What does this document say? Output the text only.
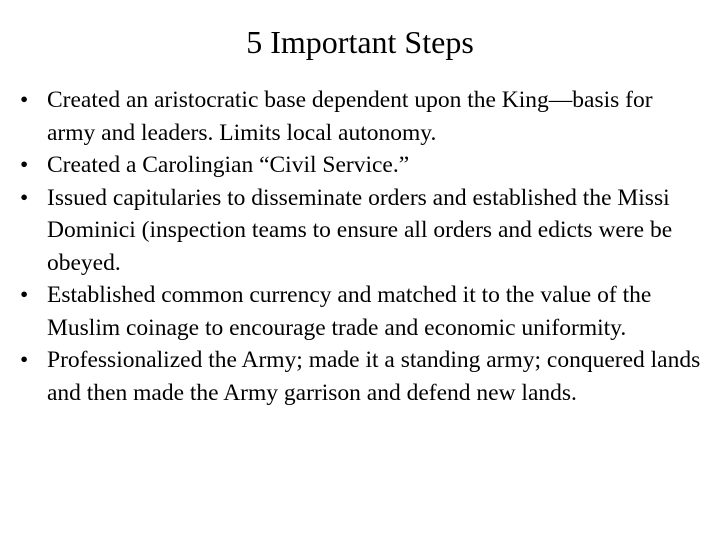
5 Important Steps
• Created an aristocratic base dependent upon the King—basis for army and leaders. Limits local autonomy.
• Created a Carolingian “Civil Service.”
• Issued capitularies to disseminate orders and established the Missi Dominici (inspection teams to ensure all orders and edicts were be obeyed.
• Established common currency and matched it to the value of the Muslim coinage to encourage trade and economic uniformity.
• Professionalized the Army; made it a standing army; conquered lands and then made the Army garrison and defend new lands.
